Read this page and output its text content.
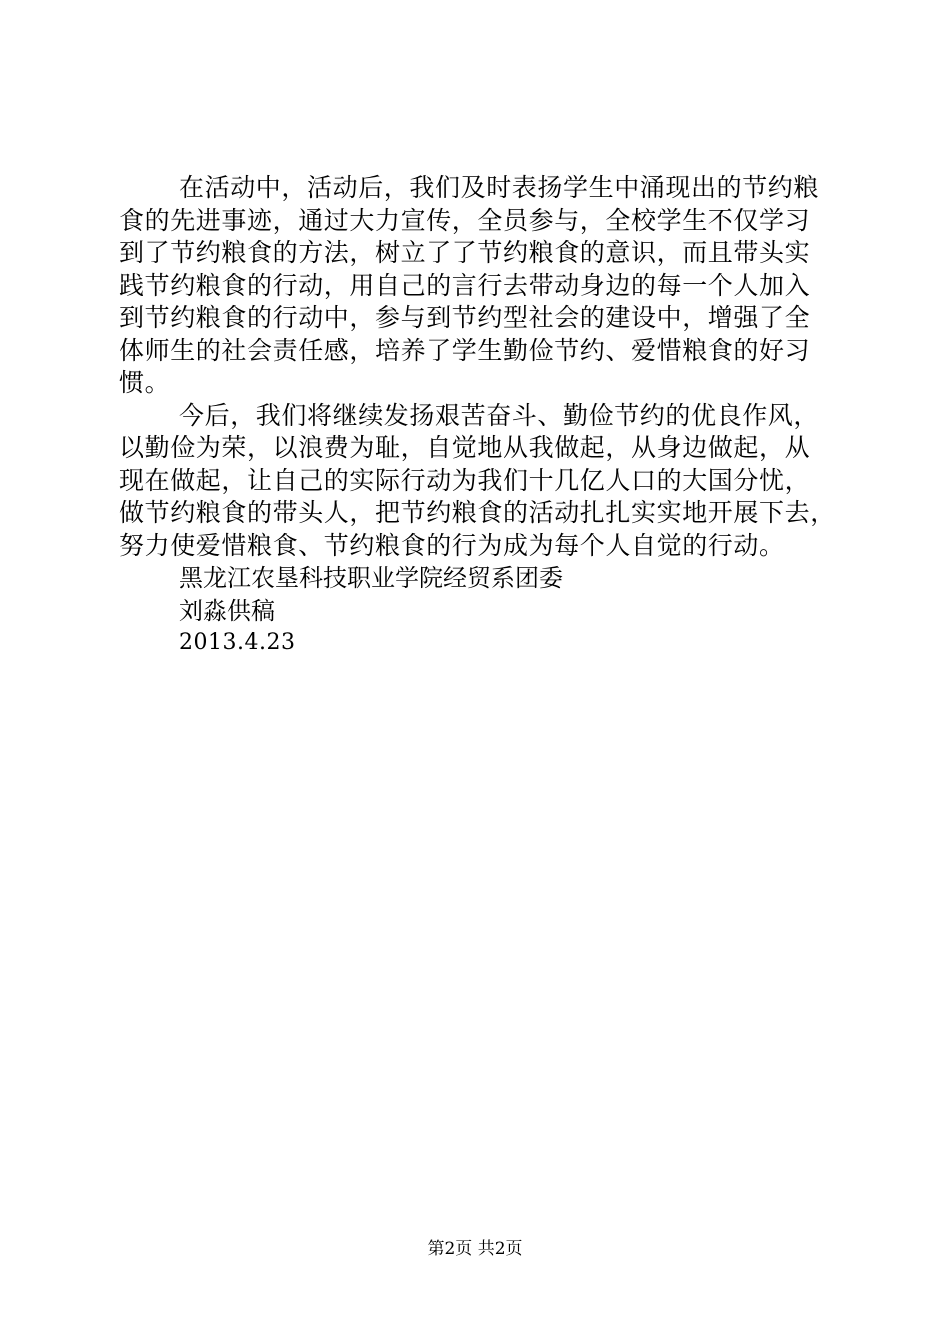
在活动中，活动后，我们及时表扬学生中涌现出的节约粮
食的先进事迹，通过大力宣传，全员参与，全校学生不仅学习
到了节约粮食的方法，树立了了节约粮食的意识，而且带头实
践节约粮食的行动，用自己的言行去带动身边的每一个人加入
到节约粮食的行动中，参与到节约型社会的建设中，增强了全
体师生的社会责任感，培养了学生勤俭节约、爱惜粮食的好习
惯。
今后，我们将继续发扬艰苦奋斗、勤俭节约的优良作风，
以勤俭为荣，以浪费为耻，自觉地从我做起，从身边做起，从
现在做起，让自己的实际行动为我们十几亿人口的大国分忧，
做节约粮食的带头人，把节约粮食的活动扎扎实实地开展下去，
努力使爱惜粮食、节约粮食的行为成为每个人自觉的行动。
黑龙江农垦科技职业学院经贸系团委
刘淼供稿
2013.4.23
第2页 共2页
